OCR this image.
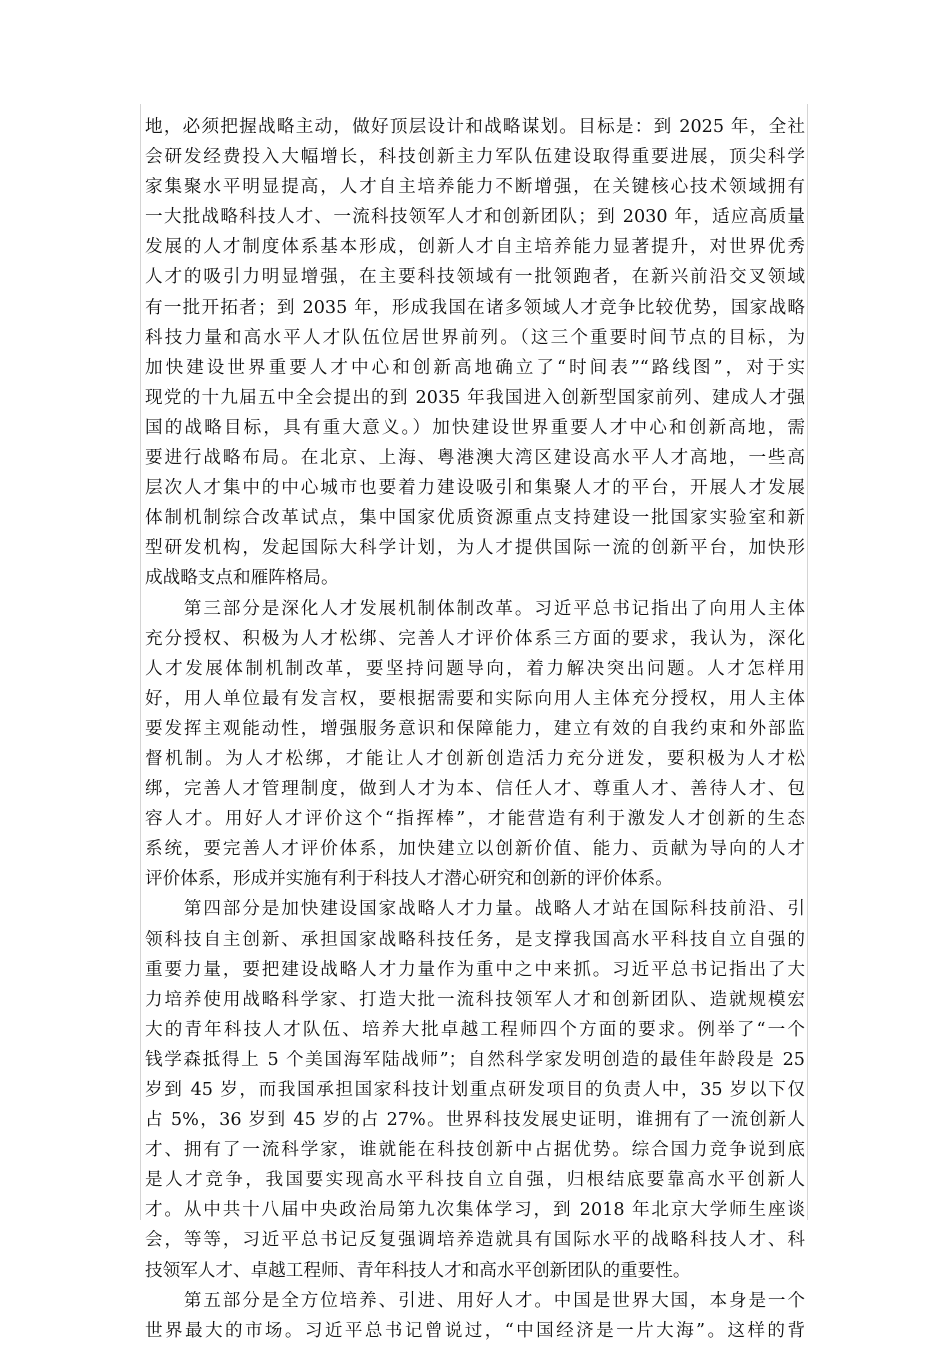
地，必须把握战略主动，做好顶层设计和战略谋划。目标是：到 2025 年，全社
会研发经费投入大幅增长，科技创新主力军队伍建设取得重要进展，顶尖科学
家集聚水平明显提高，人才自主培养能力不断增强，在关键核心技术领域拥有
一大批战略科技人才、一流科技领军人才和创新团队；到 2030 年，适应高质量
发展的人才制度体系基本形成，创新人才自主培养能力显著提升，对世界优秀
人才的吸引力明显增强，在主要科技领域有一批领跑者，在新兴前沿交叉领域
有一批开拓者；到 2035 年，形成我国在诸多领域人才竞争比较优势，国家战略
科技力量和高水平人才队伍位居世界前列。（这三个重要时间节点的目标，为
加快建设世界重要人才中心和创新高地确立了“时间表”“路线图”，对于实
现党的十九届五中全会提出的到 2035 年我国进入创新型国家前列、建成人才强
国的战略目标，具有重大意义。）加快建设世界重要人才中心和创新高地，需
要进行战略布局。在北京、上海、粤港澳大湾区建设高水平人才高地，一些高
层次人才集中的中心城市也要着力建设吸引和集聚人才的平台，开展人才发展
体制机制综合改革试点，集中国家优质资源重点支持建设一批国家实验室和新
型研发机构，发起国际大科学计划，为人才提供国际一流的创新平台，加快形
成战略支点和雁阵格局。
　　第三部分是深化人才发展机制体制改革。习近平总书记指出了向用人主体
充分授权、积极为人才松绑、完善人才评价体系三方面的要求，我认为，深化
人才发展体制机制改革，要坚持问题导向，着力解决突出问题。人才怎样用
好，用人单位最有发言权，要根据需要和实际向用人主体充分授权，用人主体
要发挥主观能动性，增强服务意识和保障能力，建立有效的自我约束和外部监
督机制。为人才松绑，才能让人才创新创造活力充分迸发，要积极为人才松
绑，完善人才管理制度，做到人才为本、信任人才、尊重人才、善待人才、包
容人才。用好人才评价这个“指挥棒”，才能营造有利于激发人才创新的生态
系统，要完善人才评价体系，加快建立以创新价值、能力、贡献为导向的人才
评价体系，形成并实施有利于科技人才潜心研究和创新的评价体系。
　　第四部分是加快建设国家战略人才力量。战略人才站在国际科技前沿、引
领科技自主创新、承担国家战略科技任务，是支撑我国高水平科技自立自强的
重要力量，要把建设战略人才力量作为重中之中来抓。习近平总书记指出了大
力培养使用战略科学家、打造大批一流科技领军人才和创新团队、造就规模宏
大的青年科技人才队伍、培养大批卓越工程师四个方面的要求。例举了“一个
钱学森抵得上 5 个美国海军陆战师”；自然科学家发明创造的最佳年龄段是 25
岁到 45 岁，而我国承担国家科技计划重点研发项目的负责人中，35 岁以下仅
占 5%，36 岁到 45 岁的占 27%。世界科技发展史证明，谁拥有了一流创新人
才、拥有了一流科学家，谁就能在科技创新中占据优势。综合国力竞争说到底
是人才竞争，我国要实现高水平科技自立自强，归根结底要靠高水平创新人
才。从中共十八届中央政治局第九次集体学习，到 2018 年北京大学师生座谈
会，等等，习近平总书记反复强调培养造就具有国际水平的战略科技人才、科
技领军人才、卓越工程师、青年科技人才和高水平创新团队的重要性。
　　第五部分是全方位培养、引进、用好人才。中国是世界大国，本身是一个
世界最大的市场。习近平总书记曾说过，“中国经济是一片大海”。这样的背
